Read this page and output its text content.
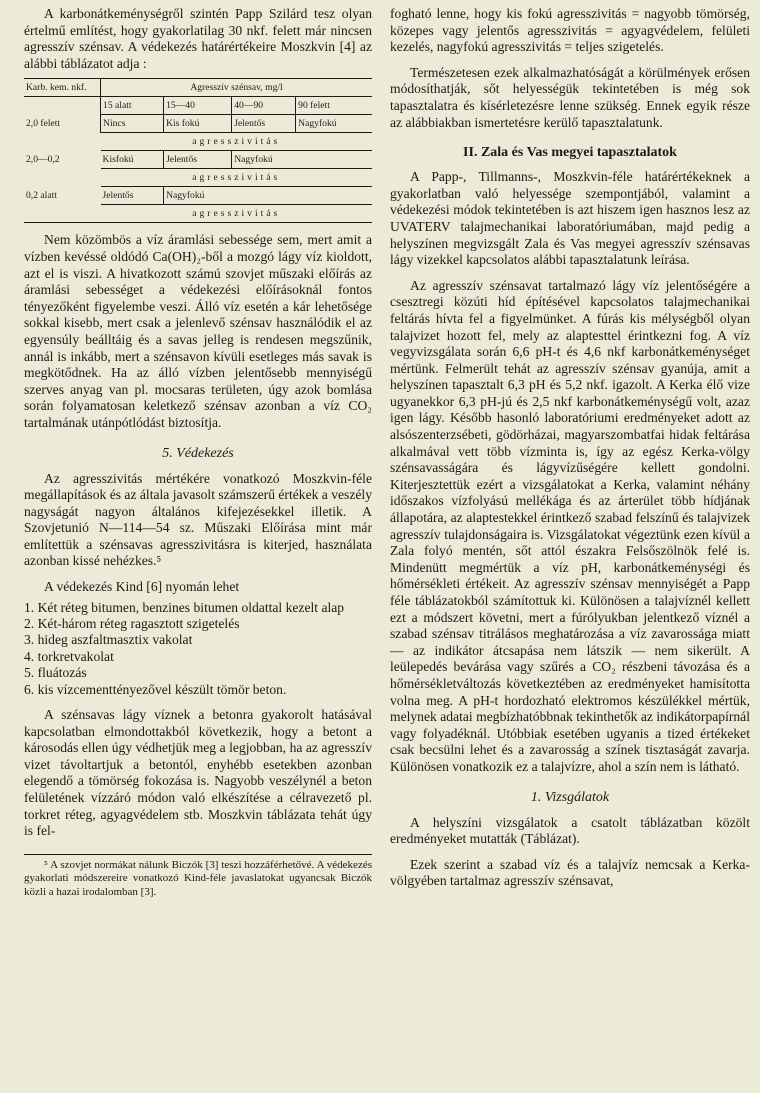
A karbonátkeménységről szintén Papp Szilárd tesz olyan értelmű említést, hogy gyakorlatilag 30 nkf. felett már nincsen agresszív szénsav. A védekezés határértékeire Moszkvin [4] az alábbi táblázatot adja :

Karb. kem. nkf.	Agresszív szénsav, mg/l			
	15 alatt	15—40	40—90	90 felett
2,0 felett	Nincs	Kis fokú	Jelentős	Nagyfokú
	agresszivitás			
2,0—0,2	Kisfokú	Jelentős	Nagyfokú	
	agresszivitás			
0,2 alatt	Jelentős	Nagyfokú		
	agresszivitás			

Nem közömbös a víz áramlási sebessége sem, mert amit a vízben kevéssé oldódó Ca(OH)₂-ből a mozgó lágy víz kioldott, azt el is viszi. A hivatkozott számú szovjet műszaki előírás az áramlási sebességet a védekezési előírásoknál fontos tényezőként figyelembe veszi. Álló víz esetén a kár lehetősége sokkal kisebb, mert csak a jelenlevő szénsav használódik el az egyensúly beálltáig és a savas jelleg is rendesen megszűnik, annál is inkább, mert a szénsavon kívüli esetleges más savak is megkötődnek. Ha az álló vízben jelentősebb mennyiségű szerves anyag van pl. mocsaras területen, úgy azok bomlása során folyamatosan keletkező szénsav azonban a víz CO₂ tartalmának utánpótlódást biztosítja.

5. Védekezés

Az agresszivitás mértékére vonatkozó Moszkvin-féle megállapítások és az általa javasolt számszerű értékek a veszély nagyságát nagyon általános kifejezésekkel illetik. A Szovjetunió N—114—54 sz. Műszaki Előírása mint már említettük a szénsavas agresszivitásra is kiterjed, használata azonban kissé nehézkes.⁵

A védekezés Kind [6] nyomán lehet

1. Két réteg bitumen, benzines bitumen oldattal kezelt alap
2. Két-három réteg ragasztott szigetelés
3. hideg aszfaltmasztix vakolat
4. torkretvakolat
5. fluátozás
6. kis vízcementtényezővel készült tömör beton.

A szénsavas lágy víznek a betonra gyakorolt hatásával kapcsolatban elmondottakból következik, hogy a betont a károsodás ellen úgy védhetjük meg a legjobban, ha az agresszív vizet távoltartjuk a betontól, enyhébb esetekben azonban elegendő a tömörség fokozása is. Nagyobb veszélynél a beton felületének vízzáró módon való elkészítése a célravezető pl. torkret réteg, agyagvédelem stb. Moszkvin táblázata tehát úgy is fel-

⁵ A szovjet normákat nálunk Biczók [3] teszi hozzáférhetővé. A védekezés gyakorlati módszereire vonatkozó Kind-féle javaslatokat ugyancsak Biczók közli a hazai irodalomban [3].

fogható lenne, hogy kis fokú agresszivitás = nagyobb tömörség, közepes vagy jelentős agresszivitás = agyagvédelem, felületi kezelés, nagyfokú agresszivitás = teljes szigetelés.

Természetesen ezek alkalmazhatóságát a körülmények erősen módosíthatják, sőt helyességük tekintetében is még sok tapasztalatra és kísérletezésre lenne szükség. Ennek egyik része az alábbiakban ismertetésre kerülő tapasztalatunk.

II. Zala és Vas megyei tapasztalatok

A Papp-, Tillmanns-, Moszkvin-féle határértékeknek a gyakorlatban való helyessége szempontjából, valamint a védekezési módok tekintetében is azt hiszem igen hasznos lesz az UVATERV talajmechanikai laboratóriumában, majd pedig a helyszínen megvizsgált Zala és Vas megyei agresszív szénsavas lágy vizekkel kapcsolatos alábbi tapasztalatunk leírása.

Az agresszív szénsavat tartalmazó lágy víz jelentőségére a csesztregi közúti híd építésével kapcsolatos talajmechanikai feltárás hívta fel a figyelmünket. A fúrás kis mélységből olyan talajvizet hozott fel, mely az alaptesttel érintkezni fog. A víz vegyvizsgálata során 6,6 pH-t és 4,6 nkf karbonátkeménységet mértünk. Felmerült tehát az agresszív szénsav gyanúja, amit a helyszínen tapasztalt 6,3 pH és 5,2 nkf. igazolt. A Kerka élő vize ugyanekkor 6,3 pH-jú és 2,5 nkf karbonátkeménységű volt, azaz igen lágy. Később hasonló laboratóriumi eredményeket adott az alsószenterzsébeti, gödörházai, magyarszombatfai hidak feltárása alkalmával vett több vízminta is, így az egész Kerka-völgy szénsavasságára és lágyvízűségére kellett gondolni. Kiterjesztettük ezért a vizsgálatokat a Kerka, valamint néhány időszakos vízfolyású mellékága és az árterület több hídjának állapotára, az alaptestekkel érintkező szabad felszínű és talajvizek agresszív tulajdonságaira is. Vizsgálatokat végeztünk ezen kívül a Zala folyó mentén, sőt attól északra Felsőszölnök felé is. Mindenütt megmértük a víz pH, karbonátkeménységi és hőmérsékleti értékeit. Az agresszív szénsav mennyiségét a Papp féle táblázatokból számítottuk ki. Különösen a talajvíznél kellett ezt a módszert követni, mert a fúrólyukban jelentkező víznél a szabad szénsav titrálásos meghatározása a víz zavarossága miatt — az indikátor átcsapása nem látszik — nem sikerült. A leülepedés bevárása vagy szűrés a CO₂ részbeni távozása és a hőmérsékletváltozás következtében az eredményeket hamisította volna meg. A pH-t hordozható elektromos készülékkel mértük, melynek adatai megbízhatóbbnak tekinthetők az indikátorpapírnál vagy folyadéknál. Utóbbiak esetében ugyanis a tized értékeket csak becsülni lehet és a zavarosság a színek tisztaságát zavarja. Különösen vonatkozik ez a talajvízre, ahol a szín nem is látható.

1. Vizsgálatok

A helyszíni vizsgálatok a csatolt táblázatban közölt eredményeket mutatták (Táblázat).

Ezek szerint a szabad víz és a talajvíz nemcsak a Kerka-völgyében tartalmaz agresszív szénsavat,
